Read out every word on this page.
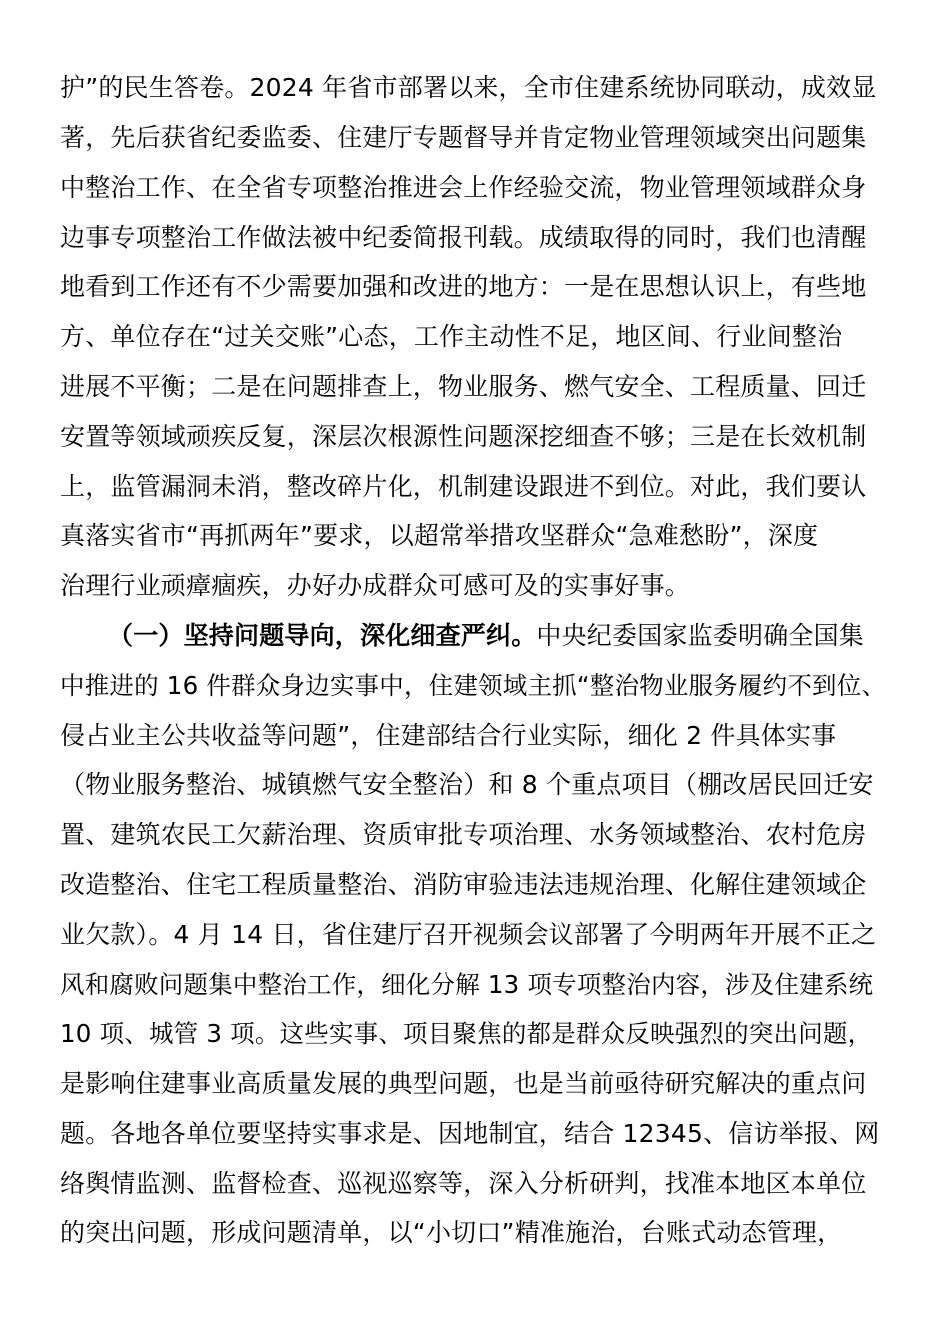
护”的民生答卷。2024 年省市部署以来，全市住建系统协同联动，成效显
著，先后获省纪委监委、住建厅专题督导并肯定物业管理领域突出问题集
中整治工作、在全省专项整治推进会上作经验交流，物业管理领域群众身
边事专项整治工作做法被中纪委简报刊载。成绩取得的同时，我们也清醒
地看到工作还有不少需要加强和改进的地方：一是在思想认识上，有些地
方、单位存在“过关交账”心态，工作主动性不足，地区间、行业间整治
进展不平衡；二是在问题排查上，物业服务、燃气安全、工程质量、回迁
安置等领域顽疾反复，深层次根源性问题深挖细查不够；三是在长效机制
上，监管漏洞未消，整改碎片化，机制建设跟进不到位。对此，我们要认
真落实省市“再抓两年”要求，以超常举措攻坚群众“急难愁盼”，深度
治理行业顽瘴痼疾，办好办成群众可感可及的实事好事。
（一）坚持问题导向，深化细查严纠。中央纪委国家监委明确全国集
中推进的 16 件群众身边实事中，住建领域主抓“整治物业服务履约不到位、
侵占业主公共收益等问题”，住建部结合行业实际，细化 2 件具体实事
（物业服务整治、城镇燃气安全整治）和 8 个重点项目（棚改居民回迁安
置、建筑农民工欠薪治理、资质审批专项治理、水务领域整治、农村危房
改造整治、住宅工程质量整治、消防审验违法违规治理、化解住建领域企
业欠款）。4 月 14 日，省住建厅召开视频会议部署了今明两年开展不正之
风和腐败问题集中整治工作，细化分解 13 项专项整治内容，涉及住建系统
10 项、城管 3 项。这些实事、项目聚焦的都是群众反映强烈的突出问题，
是影响住建事业高质量发展的典型问题，也是当前亟待研究解决的重点问
题。各地各单位要坚持实事求是、因地制宜，结合 12345、信访举报、网
络舆情监测、监督检查、巡视巡察等，深入分析研判，找准本地区本单位
的突出问题，形成问题清单，以“小切口”精准施治，台账式动态管理，
